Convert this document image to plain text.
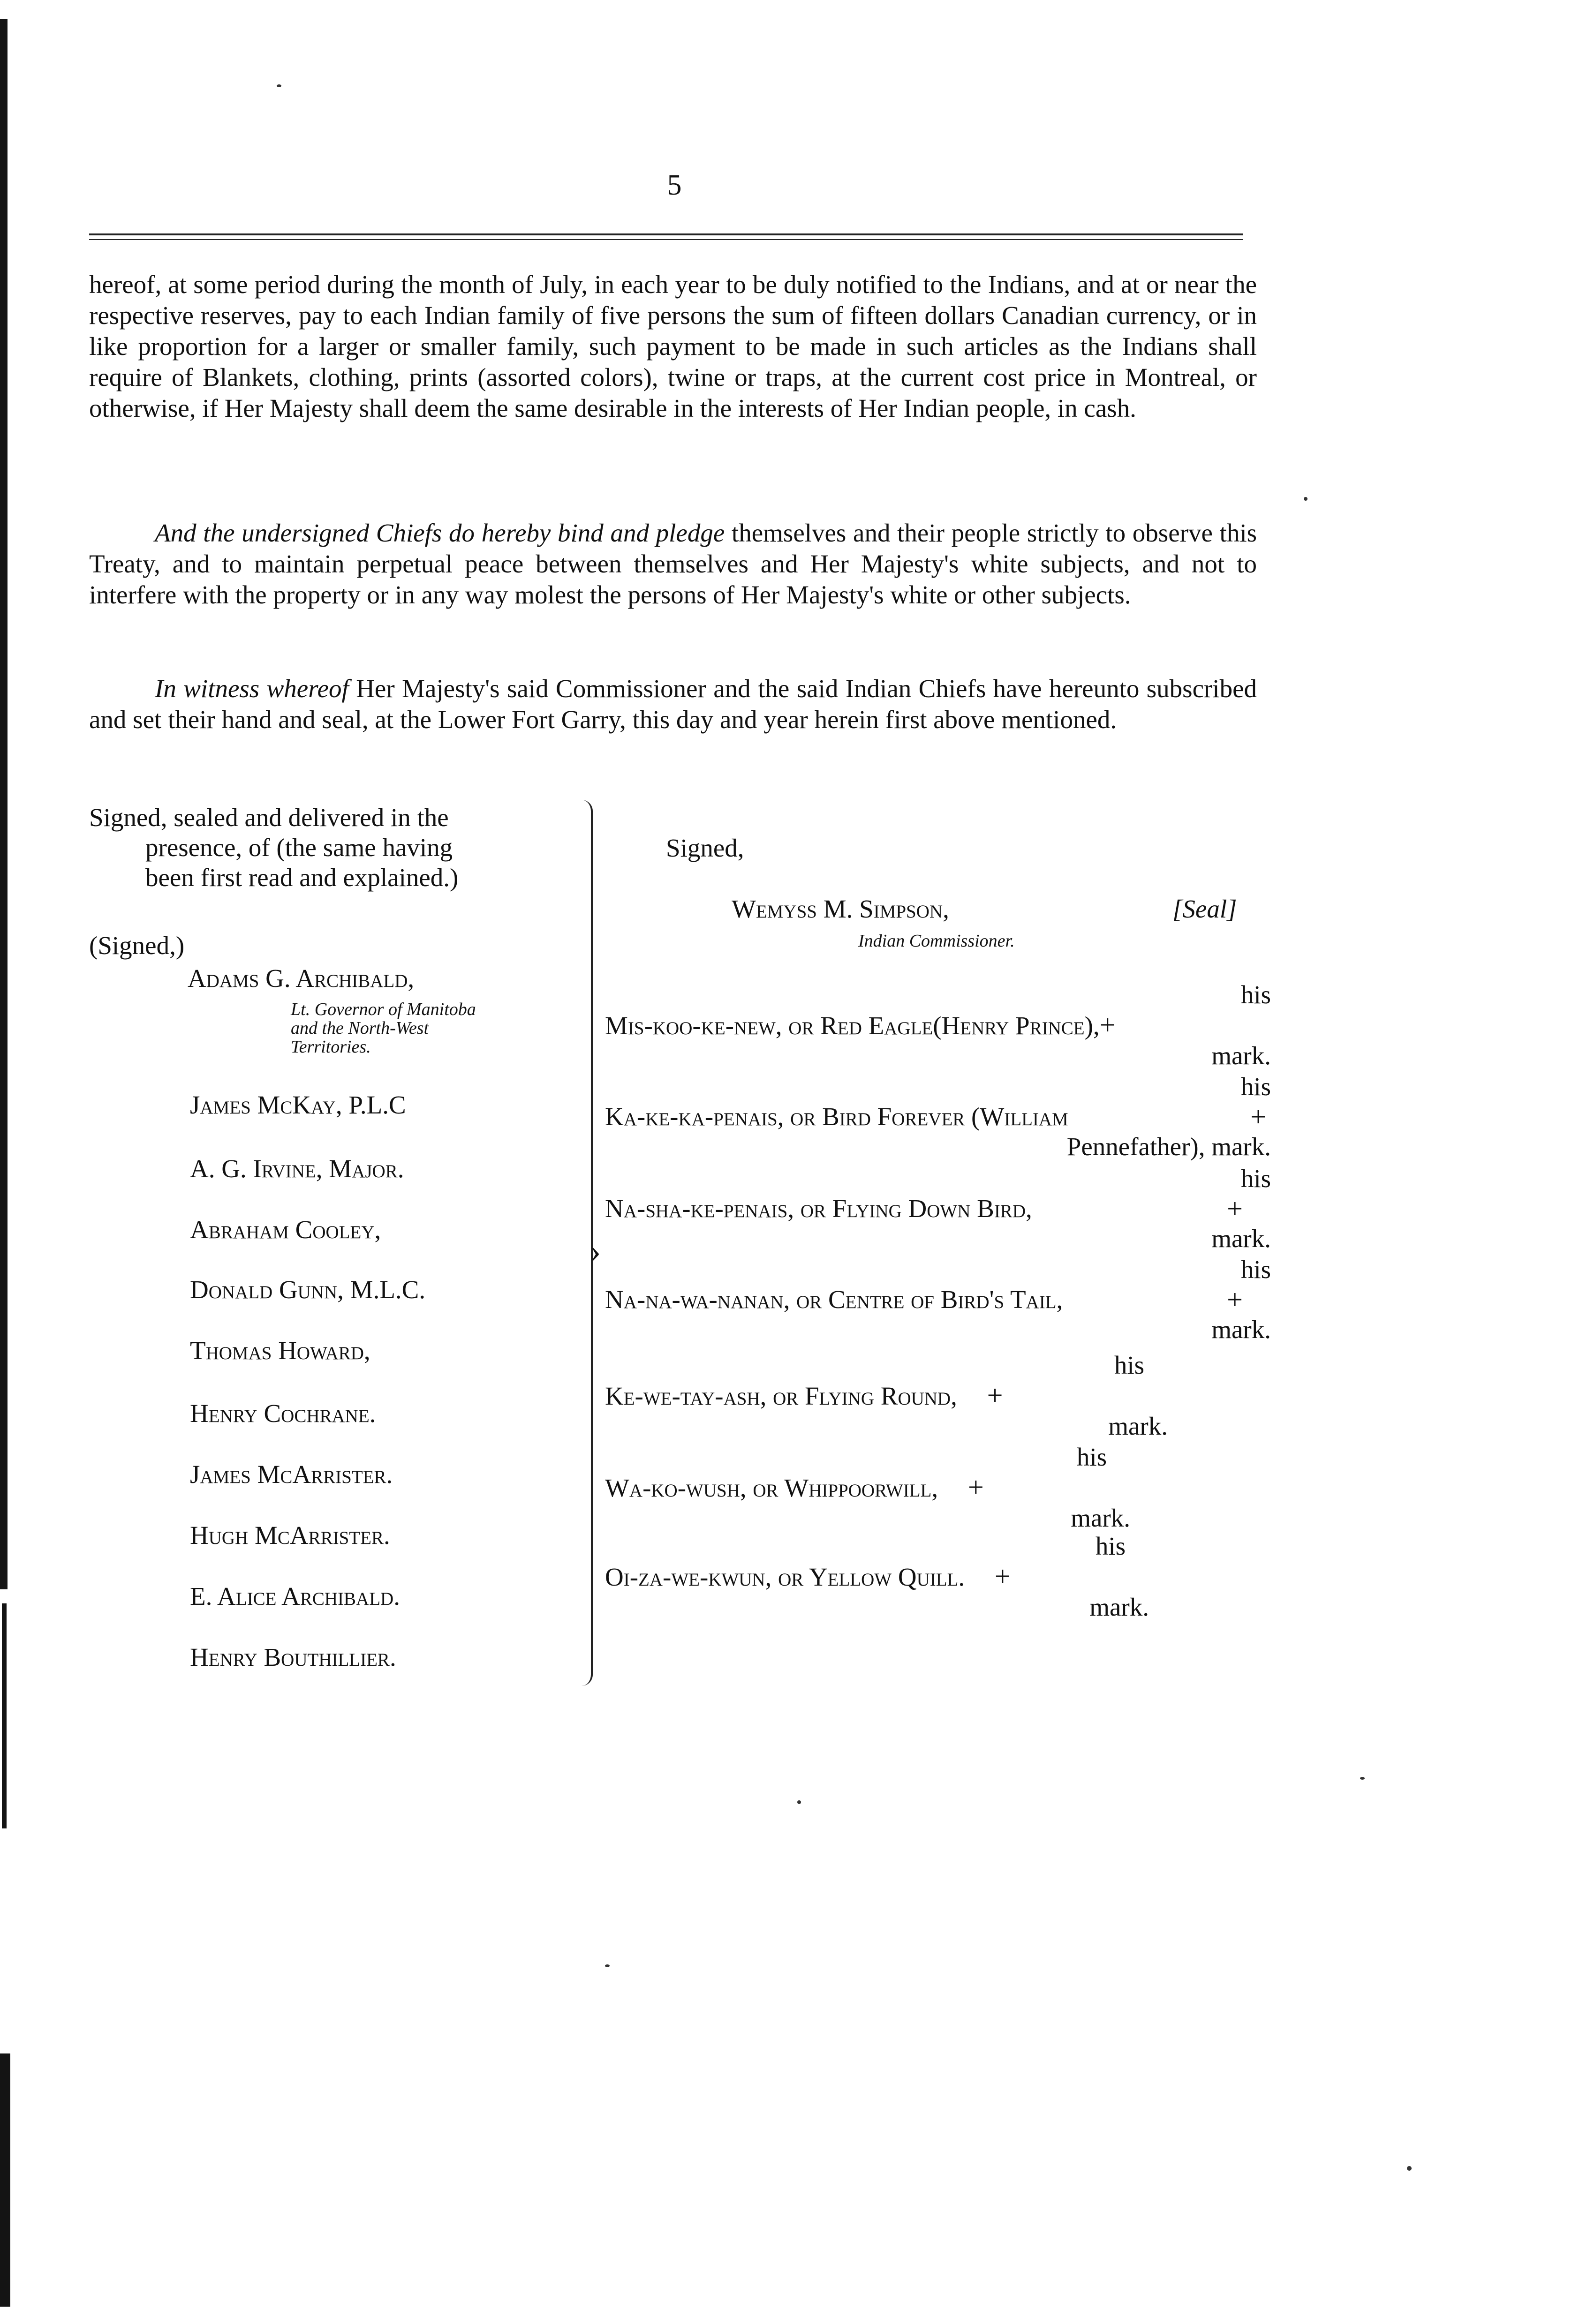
5

hereof, at some period during the month of July, in each year to be duly notified to the Indians, and at or near the respective reserves, pay to each Indian family of five persons the sum of fifteen dollars Canadian currency, or in like proportion for a larger or smaller family, such payment to be made in such articles as the Indians shall require of Blankets, clothing, prints (assorted colors), twine or traps, at the current cost price in Montreal, or otherwise, if Her Majesty shall deem the same desirable in the interests of Her Indian people, in cash.

And the undersigned Chiefs do hereby bind and pledge themselves and their people strictly to observe this Treaty, and to maintain perpetual peace between themselves and Her Majesty's white subjects, and not to interfere with the property or in any way molest the persons of Her Majesty's white or other subjects.

In witness whereof Her Majesty's said Commissioner and the said Indian Chiefs have hereunto subscribed and set their hand and seal, at the Lower Fort Garry, this day and year herein first above mentioned.

Signed, sealed and delivered in the

presence, of (the same having
been first read and explained.)
(Signed,)
Adams G. Archibald,
Lt. Governor of Manitoba
and the North-West
Territories.
James McKay, P.L.C
A. G. Irvine, Major.
Abraham Cooley,
Donald Gunn, M.L.C.
Thomas Howard,
Henry Cochrane.
James McArrister.
Hugh McArrister.
E. Alice Archibald.
Henry Bouthillier.
›
Signed,
Wemyss M. Simpson,	[Seal]
Indian Commissioner.
his
Mis-koo-ke-new, or Red Eagle(Henry Prince),+
mark.
his
Ka-ke-ka-penais, or Bird Forever (William	+
Pennefather), mark.
his
Na-sha-ke-penais, or Flying Down Bird,	+
mark.
his
Na-na-wa-nanan, or Centre of Bird's Tail,	+
mark.
his
Ke-we-tay-ash, or Flying Round, +
mark.
his
Wa-ko-wush, or Whippoorwill, +
mark.
his
Oi-za-we-kwun, or Yellow Quill. +
mark.
